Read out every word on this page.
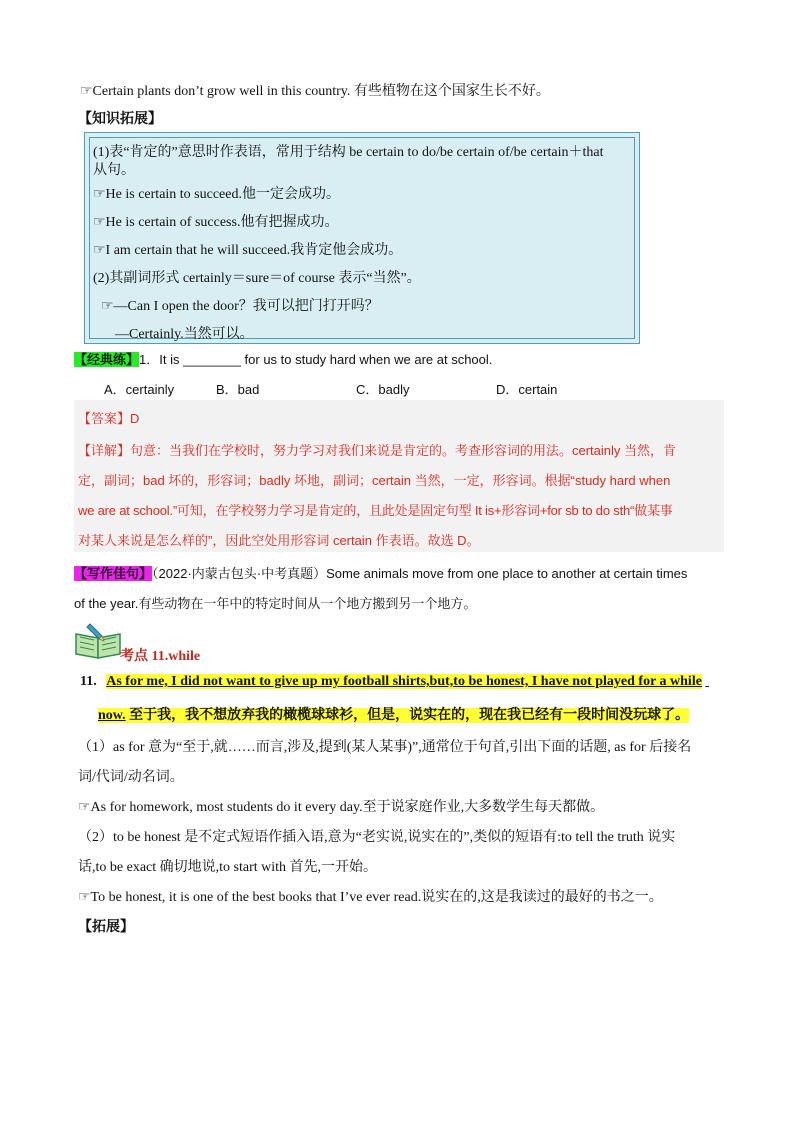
☞Certain plants don’t grow well in this country. 有些植物在这个国家生长不好。
【知识拓展】
(1)表“肯定的”意思时作表语，常用于结构 be certain to do/be certain of/be certain＋that
从句。
☞He is certain to succeed.他一定会成功。
☞He is certain of success.他有把握成功。
☞I am certain that he will succeed.我肯定他会成功。
(2)其副词形式 certainly＝sure＝of course 表示“当然”。
☞—Can I open the door？我可以把门打开吗？
—Certainly.当然可以。
【经典练】1．It is ________ for us to study hard when we are at school.
A．certainly	B．bad	C．badly	D．certain
【答案】D
【详解】句意：当我们在学校时，努力学习对我们来说是肯定的。考查形容词的用法。certainly 当然，肯
定，副词；bad 坏的，形容词；badly 坏地，副词；certain 当然，一定，形容词。根据“study hard when
we are at school.”可知，在学校努力学习是肯定的，且此处是固定句型 It is+形容词+for sb to do sth“做某事
对某人来说是怎么样的”，因此空处用形容词 certain 作表语。故选 D。
【写作佳句】（2022·内蒙古包头·中考真题）Some animals move from one place to another at certain times
of the year.有些动物在一年中的特定时间从一个地方搬到另一个地方。
考点 11.while
11. As for me, I did not want to give up my football shirts,but,to be honest, I have not played for a while
now. 至于我，我不想放弃我的橄榄球球衫，但是，说实在的，现在我已经有一段时间没玩球了。
（1）as for 意为“至于,就……而言,涉及,提到(某人某事)”,通常位于句首,引出下面的话题, as for 后接名
词/代词/动名词。
☞As for homework, most students do it every day.至于说家庭作业,大多数学生每天都做。
（2）to be honest 是不定式短语作插入语,意为“老实说,说实在的”,类似的短语有:to tell the truth 说实
话,to be exact 确切地说,to start with 首先,一开始。
☞To be honest, it is one of the best books that I’ve ever read.说实在的,这是我读过的最好的书之一。
【拓展】
